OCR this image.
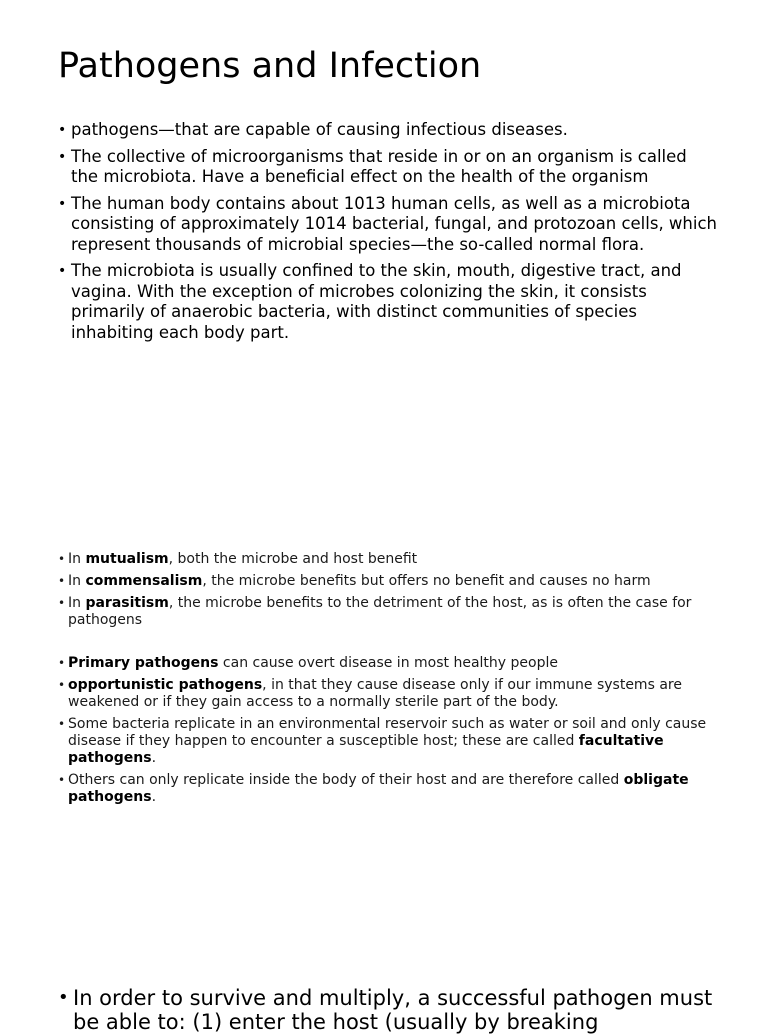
Pathogens and Infection
• pathogens—that are capable of causing infectious diseases.
• The collective of microorganisms that reside in or on an organism is called the microbiota. Have a beneficial effect on the health of the organism
• The human body contains about 1013 human cells, as well as a microbiota consisting of approximately 1014 bacterial, fungal, and protozoan cells, which represent thousands of microbial species—the so-called normal flora.
• The microbiota is usually confined to the skin, mouth, digestive tract, and vagina. With the exception of microbes colonizing the skin, it consists primarily of anaerobic bacteria, with distinct communities of species inhabiting each body part.
• In mutualism, both the microbe and host benefit
• In commensalism, the microbe benefits but offers no benefit and causes no harm
• In parasitism, the microbe benefits to the detriment of the host, as is often the case for pathogens
• Primary pathogens can cause overt disease in most healthy people
• opportunistic pathogens, in that they cause disease only if our immune systems are weakened or if they gain access to a normally sterile part of the body.
• Some bacteria replicate in an environmental reservoir such as water or soil and only cause disease if they happen to encounter a susceptible host; these are called facultative pathogens.
• Others can only replicate inside the body of their host and are therefore called obligate pathogens.
• In order to survive and multiply, a successful pathogen must be able to: (1) enter the host (usually by breaking
